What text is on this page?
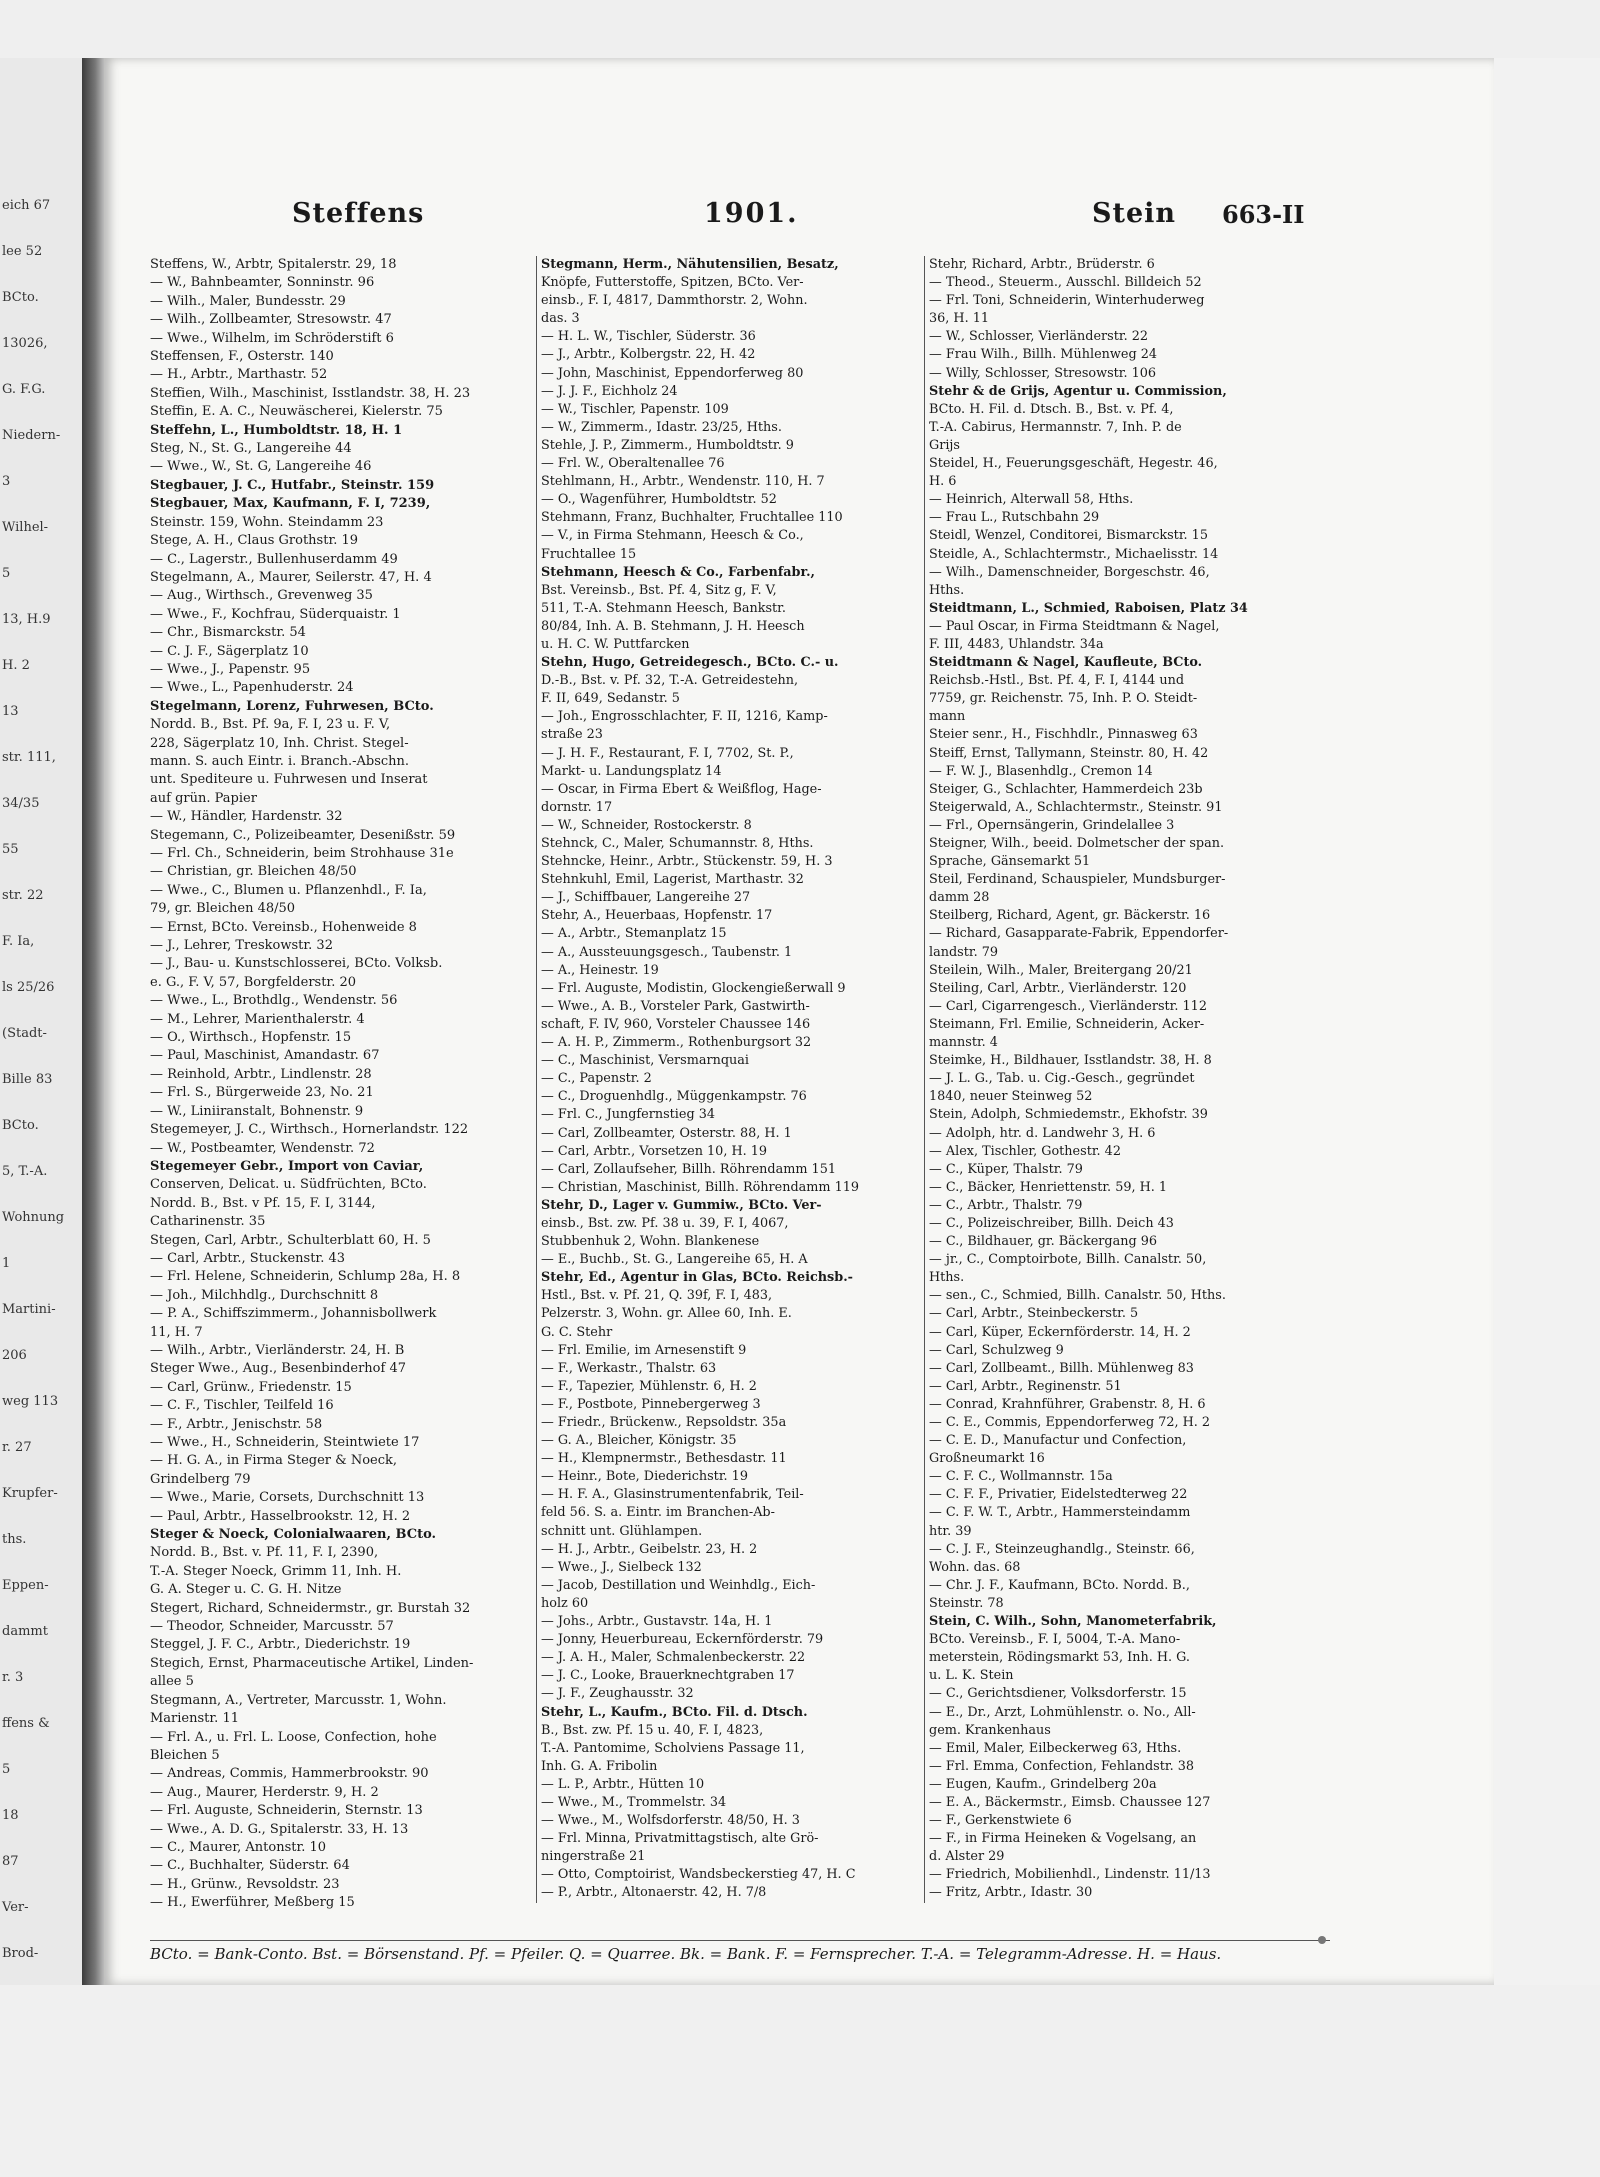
eich 67
lee 52
BCto.
13026,
G. F.G.
Niedern-
3
Wilhel-
5
13, H.9
H. 2
13
str. 111,
34/35
55
str. 22
F. Ia,
ls 25/26
(Stadt-
Bille 83
BCto.
5, T.-A.
Wohnung
1
Martini-
206
weg 113
r. 27
Krupfer-
ths.
Eppen-
dammt
r. 3
ffens &
5
18
87
Ver-
Brod-
Steffens	1901.	Stein 663-II
Steffens, W., Arbtr, Spitalerstr. 29, 18
— W., Bahnbeamter, Sonninstr. 96
— Wilh., Maler, Bundesstr. 29
— Wilh., Zollbeamter, Stresowstr. 47
— Wwe., Wilhelm, im Schröderstift 6
Steffensen, F., Osterstr. 140
— H., Arbtr., Marthastr. 52
Steffien, Wilh., Maschinist, Isstlandstr. 38, H. 23
Steffin, E. A. C., Neuwäscherei, Kielerstr. 75
Steffehn, L., Humboldtstr. 18, H. 1
Steg, N., St. G., Langereihe 44
— Wwe., W., St. G, Langereihe 46
Stegbauer, J. C., Hutfabr., Steinstr. 159
Stegbauer, Max, Kaufmann, F. I, 7239,
Steinstr. 159, Wohn. Steindamm 23
Stege, A. H., Claus Grothstr. 19
— C., Lagerstr., Bullenhuserdamm 49
Stegelmann, A., Maurer, Seilerstr. 47, H. 4
— Aug., Wirthsch., Grevenweg 35
— Wwe., F., Kochfrau, Süderquaistr. 1
— Chr., Bismarckstr. 54
— C. J. F., Sägerplatz 10
— Wwe., J., Papenstr. 95
— Wwe., L., Papenhuderstr. 24
Stegelmann, Lorenz, Fuhrwesen, BCto.
Nordd. B., Bst. Pf. 9a, F. I, 23 u. F. V,
228, Sägerplatz 10, Inh. Christ. Stegel-
mann. S. auch Eintr. i. Branch.-Abschn.
unt. Spediteure u. Fuhrwesen und Inserat
auf grün. Papier
— W., Händler, Hardenstr. 32
Stegemann, C., Polizeibeamter, Desenißstr. 59
— Frl. Ch., Schneiderin, beim Strohhause 31e
— Christian, gr. Bleichen 48/50
— Wwe., C., Blumen u. Pflanzenhdl., F. Ia,
79, gr. Bleichen 48/50
— Ernst, BCto. Vereinsb., Hohenweide 8
— J., Lehrer, Treskowstr. 32
— J., Bau- u. Kunstschlosserei, BCto. Volksb.
e. G., F. V, 57, Borgfelderstr. 20
— Wwe., L., Brothdlg., Wendenstr. 56
— M., Lehrer, Marienthalerstr. 4
— O., Wirthsch., Hopfenstr. 15
— Paul, Maschinist, Amandastr. 67
— Reinhold, Arbtr., Lindlenstr. 28
— Frl. S., Bürgerweide 23, No. 21
— W., Liniiranstalt, Bohnenstr. 9
Stegemeyer, J. C., Wirthsch., Hornerlandstr. 122
— W., Postbeamter, Wendenstr. 72
Stegemeyer Gebr., Import von Caviar,
Conserven, Delicat. u. Südfrüchten, BCto.
Nordd. B., Bst. v Pf. 15, F. I, 3144,
Catharinenstr. 35
Stegen, Carl, Arbtr., Schulterblatt 60, H. 5
— Carl, Arbtr., Stuckenstr. 43
— Frl. Helene, Schneiderin, Schlump 28a, H. 8
— Joh., Milchhdlg., Durchschnitt 8
— P. A., Schiffszimmerm., Johannisbollwerk
11, H. 7
— Wilh., Arbtr., Vierländerstr. 24, H. B
Steger Wwe., Aug., Besenbinderhof 47
— Carl, Grünw., Friedenstr. 15
— C. F., Tischler, Teilfeld 16
— F., Arbtr., Jenischstr. 58
— Wwe., H., Schneiderin, Steintwiete 17
— H. G. A., in Firma Steger & Noeck,
Grindelberg 79
— Wwe., Marie, Corsets, Durchschnitt 13
— Paul, Arbtr., Hasselbrookstr. 12, H. 2
Steger & Noeck, Colonialwaaren, BCto.
Nordd. B., Bst. v. Pf. 11, F. I, 2390,
T.-A. Steger Noeck, Grimm 11, Inh. H.
G. A. Steger u. C. G. H. Nitze
Stegert, Richard, Schneidermstr., gr. Burstah 32
— Theodor, Schneider, Marcusstr. 57
Steggel, J. F. C., Arbtr., Diederichstr. 19
Stegich, Ernst, Pharmaceutische Artikel, Linden-
allee 5
Stegmann, A., Vertreter, Marcusstr. 1, Wohn.
Marienstr. 11
— Frl. A., u. Frl. L. Loose, Confection, hohe
Bleichen 5
— Andreas, Commis, Hammerbrookstr. 90
— Aug., Maurer, Herderstr. 9, H. 2
— Frl. Auguste, Schneiderin, Sternstr. 13
— Wwe., A. D. G., Spitalerstr. 33, H. 13
— C., Maurer, Antonstr. 10
— C., Buchhalter, Süderstr. 64
— H., Grünw., Revsoldstr. 23
— H., Ewerführer, Meßberg 15
Stegmann, Herm., Nähutensilien, Besatz,
Knöpfe, Futterstoffe, Spitzen, BCto. Ver-
einsb., F. I, 4817, Dammthorstr. 2, Wohn.
das. 3
— H. L. W., Tischler, Süderstr. 36
— J., Arbtr., Kolbergstr. 22, H. 42
— John, Maschinist, Eppendorferweg 80
— J. J. F., Eichholz 24
— W., Tischler, Papenstr. 109
— W., Zimmerm., Idastr. 23/25, Hths.
Stehle, J. P., Zimmerm., Humboldtstr. 9
— Frl. W., Oberaltenallee 76
Stehlmann, H., Arbtr., Wendenstr. 110, H. 7
— O., Wagenführer, Humboldtstr. 52
Stehmann, Franz, Buchhalter, Fruchtallee 110
— V., in Firma Stehmann, Heesch & Co.,
Fruchtallee 15
Stehmann, Heesch & Co., Farbenfabr.,
Bst. Vereinsb., Bst. Pf. 4, Sitz g, F. V,
511, T.-A. Stehmann Heesch, Bankstr.
80/84, Inh. A. B. Stehmann, J. H. Heesch
u. H. C. W. Puttfarcken
Stehn, Hugo, Getreidegesch., BCto. C.- u.
D.-B., Bst. v. Pf. 32, T.-A. Getreidestehn,
F. II, 649, Sedanstr. 5
— Joh., Engrosschlachter, F. II, 1216, Kamp-
straße 23
— J. H. F., Restaurant, F. I, 7702, St. P.,
Markt- u. Landungsplatz 14
— Oscar, in Firma Ebert & Weißflog, Hage-
dornstr. 17
— W., Schneider, Rostockerstr. 8
Stehnck, C., Maler, Schumannstr. 8, Hths.
Stehncke, Heinr., Arbtr., Stückenstr. 59, H. 3
Stehnkuhl, Emil, Lagerist, Marthastr. 32
— J., Schiffbauer, Langereihe 27
Stehr, A., Heuerbaas, Hopfenstr. 17
— A., Arbtr., Stemanplatz 15
— A., Aussteuungsgesch., Taubenstr. 1
— A., Heinestr. 19
— Frl. Auguste, Modistin, Glockengießerwall 9
— Wwe., A. B., Vorsteler Park, Gastwirth-
schaft, F. IV, 960, Vorsteler Chaussee 146
— A. H. P., Zimmerm., Rothenburgsort 32
— C., Maschinist, Versmarnquai
— C., Papenstr. 2
— C., Droguenhdlg., Müggenkampstr. 76
— Frl. C., Jungfernstieg 34
— Carl, Zollbeamter, Osterstr. 88, H. 1
— Carl, Arbtr., Vorsetzen 10, H. 19
— Carl, Zollaufseher, Billh. Röhrendamm 151
— Christian, Maschinist, Billh. Röhrendamm 119
Stehr, D., Lager v. Gummiw., BCto. Ver-
einsb., Bst. zw. Pf. 38 u. 39, F. I, 4067,
Stubbenhuk 2, Wohn. Blankenese
— E., Buchb., St. G., Langereihe 65, H. A
Stehr, Ed., Agentur in Glas, BCto. Reichsb.-
Hstl., Bst. v. Pf. 21, Q. 39f, F. I, 483,
Pelzerstr. 3, Wohn. gr. Allee 60, Inh. E.
G. C. Stehr
— Frl. Emilie, im Arnesenstift 9
— F., Werkastr., Thalstr. 63
— F., Tapezier, Mühlenstr. 6, H. 2
— F., Postbote, Pinnebergerweg 3
— Friedr., Brückenw., Repsoldstr. 35a
— G. A., Bleicher, Königstr. 35
— H., Klempnermstr., Bethesdastr. 11
— Heinr., Bote, Diederichstr. 19
— H. F. A., Glasinstrumentenfabrik, Teil-
feld 56. S. a. Eintr. im Branchen-Ab-
schnitt unt. Glühlampen.
— H. J., Arbtr., Geibelstr. 23, H. 2
— Wwe., J., Sielbeck 132
— Jacob, Destillation und Weinhdlg., Eich-
holz 60
— Johs., Arbtr., Gustavstr. 14a, H. 1
— Jonny, Heuerbureau, Eckernförderstr. 79
— J. A. H., Maler, Schmalenbeckerstr. 22
— J. C., Looke, Brauerknechtgraben 17
— J. F., Zeughausstr. 32
Stehr, L., Kaufm., BCto. Fil. d. Dtsch.
B., Bst. zw. Pf. 15 u. 40, F. I, 4823,
T.-A. Pantomime, Scholviens Passage 11,
Inh. G. A. Fribolin
— L. P., Arbtr., Hütten 10
— Wwe., M., Trommelstr. 34
— Wwe., M., Wolfsdorferstr. 48/50, H. 3
— Frl. Minna, Privatmittagstisch, alte Grö-
ningerstraße 21
— Otto, Comptoirist, Wandsbeckerstieg 47, H. C
— P., Arbtr., Altonaerstr. 42, H. 7/8
Stehr, Richard, Arbtr., Brüderstr. 6
— Theod., Steuerm., Ausschl. Billdeich 52
— Frl. Toni, Schneiderin, Winterhuderweg
36, H. 11
— W., Schlosser, Vierländerstr. 22
— Frau Wilh., Billh. Mühlenweg 24
— Willy, Schlosser, Stresowstr. 106
Stehr & de Grijs, Agentur u. Commission,
BCto. H. Fil. d. Dtsch. B., Bst. v. Pf. 4,
T.-A. Cabirus, Hermannstr. 7, Inh. P. de
Grijs
Steidel, H., Feuerungsgeschäft, Hegestr. 46,
H. 6
— Heinrich, Alterwall 58, Hths.
— Frau L., Rutschbahn 29
Steidl, Wenzel, Conditorei, Bismarckstr. 15
Steidle, A., Schlachtermstr., Michaelisstr. 14
— Wilh., Damenschneider, Borgeschstr. 46,
Hths.
Steidtmann, L., Schmied, Raboisen, Platz 34
— Paul Oscar, in Firma Steidtmann & Nagel,
F. III, 4483, Uhlandstr. 34a
Steidtmann & Nagel, Kaufleute, BCto.
Reichsb.-Hstl., Bst. Pf. 4, F. I, 4144 und
7759, gr. Reichenstr. 75, Inh. P. O. Steidt-
mann
Steier senr., H., Fischhdlr., Pinnasweg 63
Steiff, Ernst, Tallymann, Steinstr. 80, H. 42
— F. W. J., Blasenhdlg., Cremon 14
Steiger, G., Schlachter, Hammerdeich 23b
Steigerwald, A., Schlachtermstr., Steinstr. 91
— Frl., Opernsängerin, Grindelallee 3
Steigner, Wilh., beeid. Dolmetscher der span.
Sprache, Gänsemarkt 51
Steil, Ferdinand, Schauspieler, Mundsburger-
damm 28
Steilberg, Richard, Agent, gr. Bäckerstr. 16
— Richard, Gasapparate-Fabrik, Eppendorfer-
landstr. 79
Steilein, Wilh., Maler, Breitergang 20/21
Steiling, Carl, Arbtr., Vierländerstr. 120
— Carl, Cigarrengesch., Vierländerstr. 112
Steimann, Frl. Emilie, Schneiderin, Acker-
mannstr. 4
Steimke, H., Bildhauer, Isstlandstr. 38, H. 8
— J. L. G., Tab. u. Cig.-Gesch., gegründet
1840, neuer Steinweg 52
Stein, Adolph, Schmiedemstr., Ekhofstr. 39
— Adolph, htr. d. Landwehr 3, H. 6
— Alex, Tischler, Gothestr. 42
— C., Küper, Thalstr. 79
— C., Bäcker, Henriettenstr. 59, H. 1
— C., Arbtr., Thalstr. 79
— C., Polizeischreiber, Billh. Deich 43
— C., Bildhauer, gr. Bäckergang 96
— jr., C., Comptoirbote, Billh. Canalstr. 50,
Hths.
— sen., C., Schmied, Billh. Canalstr. 50, Hths.
— Carl, Arbtr., Steinbeckerstr. 5
— Carl, Küper, Eckernförderstr. 14, H. 2
— Carl, Schulzweg 9
— Carl, Zollbeamt., Billh. Mühlenweg 83
— Carl, Arbtr., Reginenstr. 51
— Conrad, Krahnführer, Grabenstr. 8, H. 6
— C. E., Commis, Eppendorferweg 72, H. 2
— C. E. D., Manufactur und Confection,
Großneumarkt 16
— C. F. C., Wollmannstr. 15a
— C. F. F., Privatier, Eidelstedterweg 22
— C. F. W. T., Arbtr., Hammersteindamm
htr. 39
— C. J. F., Steinzeughandlg., Steinstr. 66,
Wohn. das. 68
— Chr. J. F., Kaufmann, BCto. Nordd. B.,
Steinstr. 78
Stein, C. Wilh., Sohn, Manometerfabrik,
BCto. Vereinsb., F. I, 5004, T.-A. Mano-
meterstein, Rödingsmarkt 53, Inh. H. G.
u. L. K. Stein
— C., Gerichtsdiener, Volksdorferstr. 15
— E., Dr., Arzt, Lohmühlenstr. o. No., All-
gem. Krankenhaus
— Emil, Maler, Eilbeckerweg 63, Hths.
— Frl. Emma, Confection, Fehlandstr. 38
— Eugen, Kaufm., Grindelberg 20a
— E. A., Bäckermstr., Eimsb. Chaussee 127
— F., Gerkenstwiete 6
— F., in Firma Heineken & Vogelsang, an
d. Alster 29
— Friedrich, Mobilienhdl., Lindenstr. 11/13
— Fritz, Arbtr., Idastr. 30
BCto. = Bank-Conto. Bst. = Börsenstand. Pf. = Pfeiler. Q. = Quarree. Bk. = Bank. F. = Fernsprecher. T.-A. = Telegramm-Adresse. H. = Haus.
